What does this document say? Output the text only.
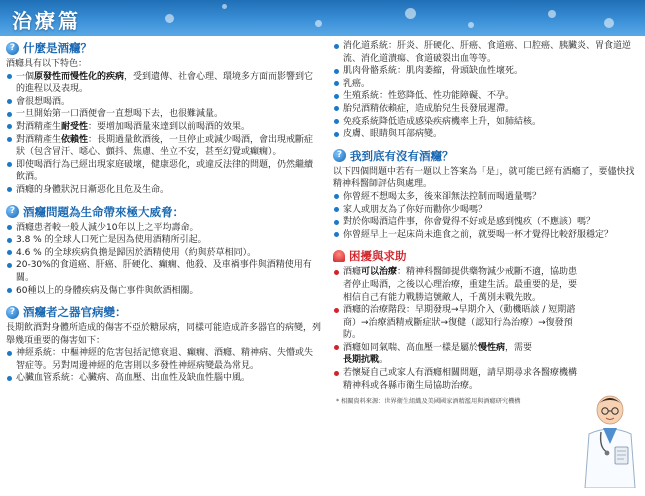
治療篇
? 什麼是酒癮？

酒癮具有以下特色：

一個原發性而慢性化的疾病，受到遺傳、社會心理、環境多方面而影響到它的進程以及表現。
會很想喝酒。
一旦開始第一口酒便會一直想喝下去，也很難減量。
對酒精產生耐受性：要增加喝酒量來達到以前喝酒的效果。
對酒精產生依賴性：長期過量飲酒後，一旦停止或減少喝酒，會出現戒斷症狀（包含冒汗、噁心、顫抖、焦慮、坐立不安，甚至幻覺或癲癇）。
即使喝酒行為已經出現家庭破壞，健康惡化，或違反法律的問題，仍然繼續飲酒。
酒癮的身體狀況日漸惡化且危及生命。
? 酒癮問題為生命帶來極大威脅：
酒癮患者較一般人減少10年以上之平均壽命。
3.8 % 的全球人口死亡是因為使用酒精所引起。
4.6 % 的全球疾病負擔是歸因於酒精使用（約與菸草相同）。
20-30%的食道癌、肝癌、肝硬化、癲癇、他殺、及車禍事件與酒精使用有關。
60種以上的身體疾病及傷亡事件與飲酒相關。
? 酒癮者之器官病變：

長期飲酒對身體所造成的傷害不亞於糖尿病，同樣可能造成許多器官的病變，列舉幾項重要的傷害如下：

神經系統：中樞神經的危害包括記憶衰退、癲癇、酒癮、精神病、失懵或失智症等。另對周邊神經的危害則以多發性神經病變最為常見。
心臟血管系統：心臟病、高血壓、出血性及缺血性腦中風。
消化道系統：肝炎、肝硬化、肝癌、食道癌、口腔癌、胰臟炎、胃食道逆流、消化道潰瘍、食道破裂出血等等。
肌肉骨骼系統：肌肉萎縮，骨頭缺血性壞死。
乳癌。
生殖系統：性慾降低、性功能障礙、不孕。
胎兒酒精依賴症，造成胎兒生長發展遲滯。
免疫系統降低造成感染疾病機率上升，如肺結核。
皮膚、眼睛與耳部病變。
? 我到底有沒有酒癮？

以下四個問題中若有一題以上答案為「是」，就可能已經有酒癮了，要儘快找精神科醫師評估與處理。

你曾經不想喝太多，後來卻無法控制而喝過量嗎？
家人或朋友為了你好而勸你少喝嗎？
對於你喝酒這件事，你會覺得不好或是感到愧疚（不應該）嗎？
你曾經早上一起床尚未進食之前，就要喝一杯才覺得比較舒服穩定？
困擾與求助
酒癮可以治療：精神科醫師提供藥物減少戒斷不適，協助患者停止喝酒，之後以心理治療，重建生活。最重要的是，要相信自己有能力戰勝這號敵人，千萬別未戰先敗。
酒癮的治療階段：早期發現→早期介入（動機晤談 / 短期諮商）→治療酒精戒斷症狀→復健（認知行為治療）→復發預防。
酒癮如同氣喘、高血壓一樣是屬於慢性病，需要
長期抗戰。
若懷疑自己或家人有酒癮相關問題，請早期尋求各醫療機構精神科或各縣市衛生局協助治療。
* 相關資料來源：世界衛生組織及美國國家酒精濫用與酒癮研究機構
